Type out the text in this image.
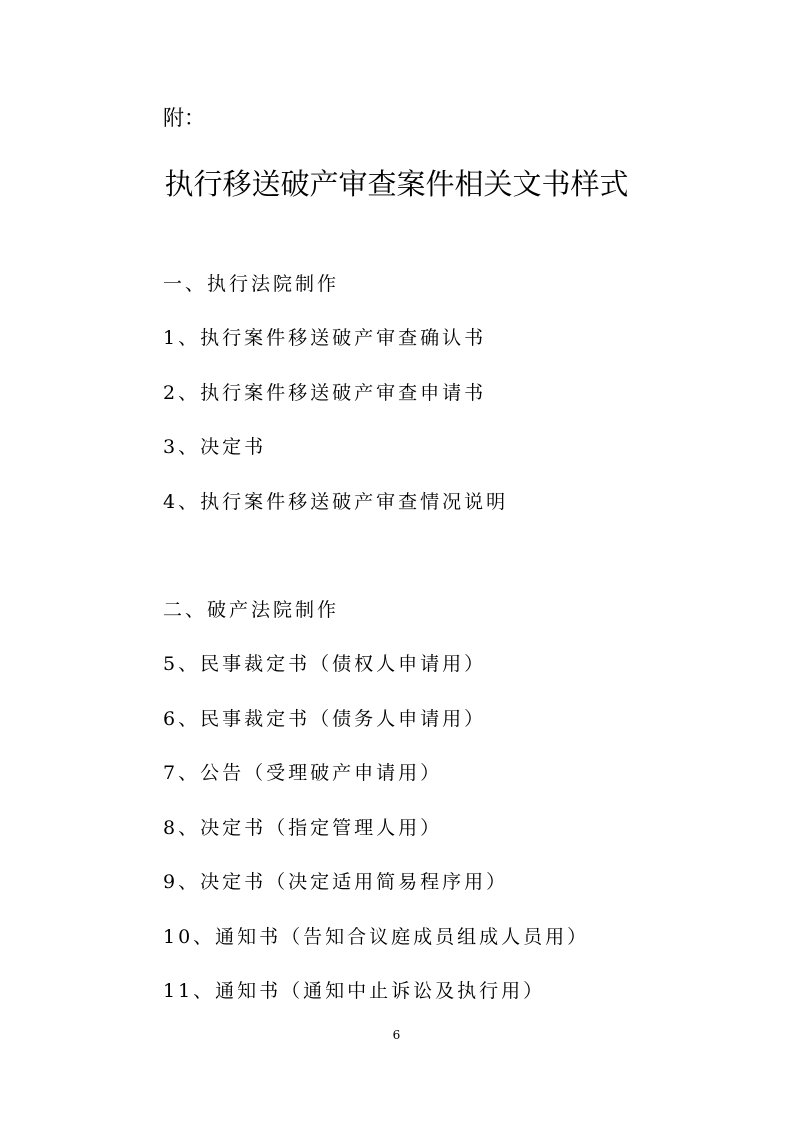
附：
执行移送破产审查案件相关文书样式
一、执行法院制作
1、执行案件移送破产审查确认书
2、执行案件移送破产审查申请书
3、决定书
4、执行案件移送破产审查情况说明
二、破产法院制作
5、民事裁定书（债权人申请用）
6、民事裁定书（债务人申请用）
7、公告（受理破产申请用）
8、决定书（指定管理人用）
9、决定书（决定适用简易程序用）
10、通知书（告知合议庭成员组成人员用）
11、通知书（通知中止诉讼及执行用）
6
